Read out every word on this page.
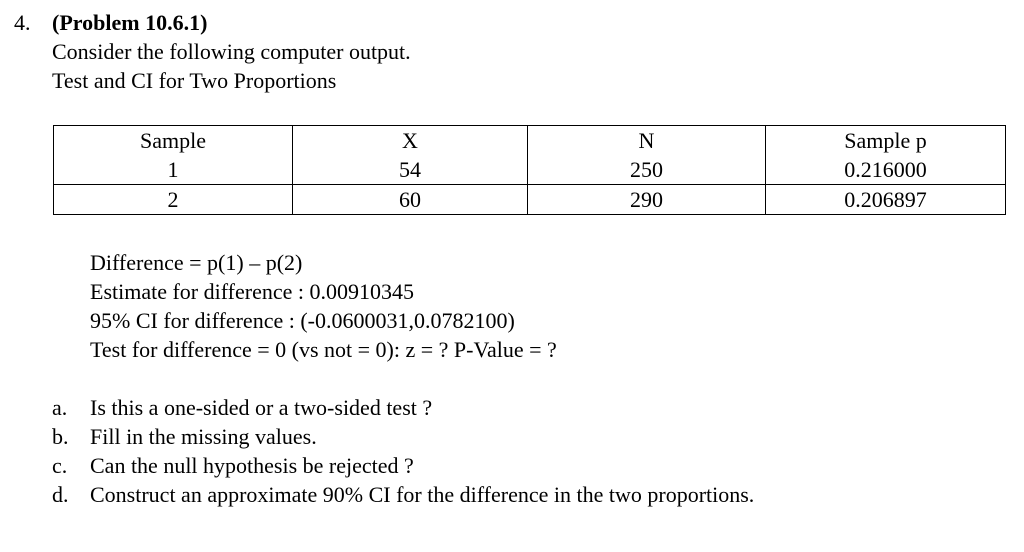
4. (Problem 10.6.1)
Consider the following computer output.
Test and CI for Two Proportions
Sample	X	N	Sample p
1	54	250	0.216000
2	60	290	0.206897
Difference = p(1) – p(2)
Estimate for difference : 0.00910345
95% CI for difference : (-0.0600031,0.0782100)
Test for difference = 0 (vs not = 0): z = ? P-Value = ?
a. Is this a one-sided or a two-sided test ?
b. Fill in the missing values.
c. Can the null hypothesis be rejected ?
d. Construct an approximate 90% CI for the difference in the two proportions.
